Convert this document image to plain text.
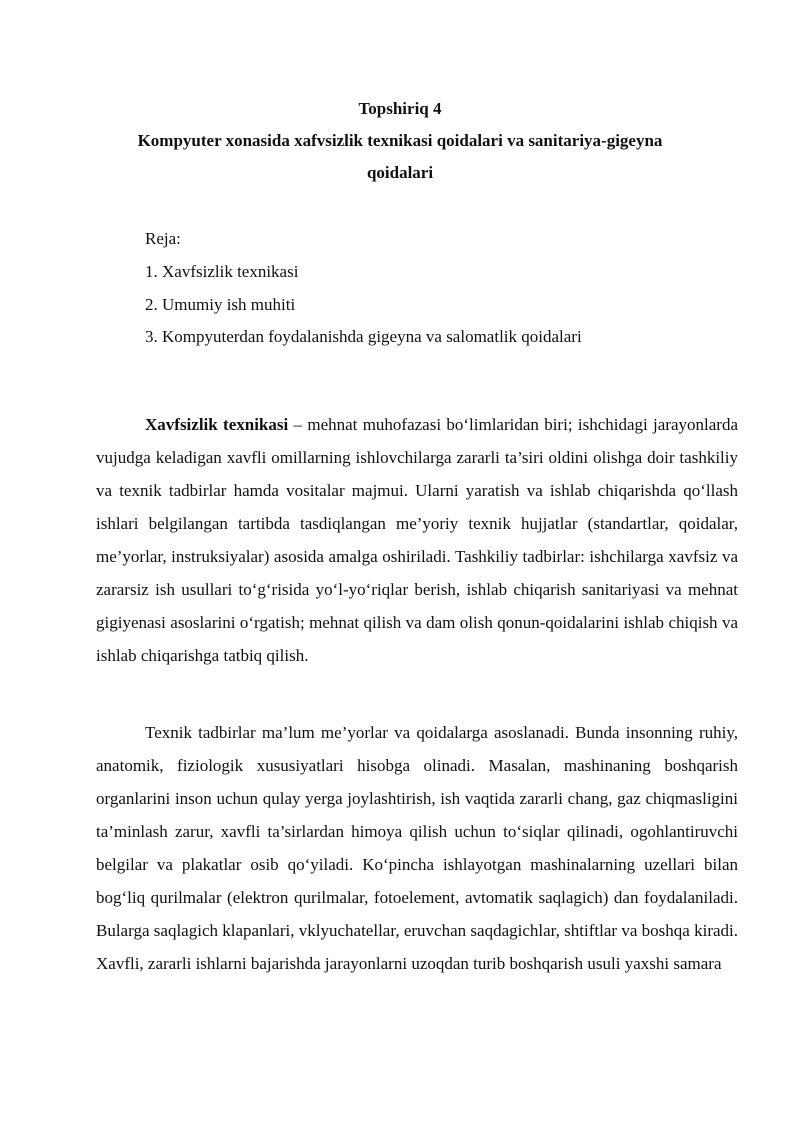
Topshiriq 4
Kompyuter xonasida xafvsizlik texnikasi qoidalari va sanitariya-gigeyna
qoidalari
Reja:
1. Xavfsizlik texnikasi
2. Umumiy ish muhiti
3. Kompyuterdan foydalanishda gigeyna va salomatlik qoidalari

Xavfsizlik texnikasi – mehnat muhofazasi bo‘limlaridan biri; ishchidagi jarayonlarda vujudga keladigan xavfli omillarning ishlovchilarga zararli ta’siri oldini olishga doir tashkiliy va texnik tadbirlar hamda vositalar majmui. Ularni yaratish va ishlab chiqarishda qo‘llash ishlari belgilangan tartibda tasdiqlangan me’yoriy texnik hujjatlar (standartlar, qoidalar, me’yorlar, instruksiyalar) asosida amalga oshiriladi. Tashkiliy tadbirlar: ishchilarga xavfsiz va zararsiz ish usullari to‘g‘risida yo‘l-yo‘riqlar berish, ishlab chiqarish sanitariyasi va mehnat gigiyenasi asoslarini o‘rgatish; mehnat qilish va dam olish qonun-qoidalarini ishlab chiqish va ishlab chiqarishga tatbiq qilish.

Texnik tadbirlar ma’lum me’yorlar va qoidalarga asoslanadi. Bunda insonning ruhiy, anatomik, fiziologik xususiyatlari hisobga olinadi. Masalan, mashinaning boshqarish organlarini inson uchun qulay yerga joylashtirish, ish vaqtida zararli chang, gaz chiqmasligini ta’minlash zarur, xavfli ta’sirlardan himoya qilish uchun to‘siqlar qilinadi, ogohlantiruvchi belgilar va plakatlar osib qo‘yiladi. Ko‘pincha ishlayotgan mashinalarning uzellari bilan bog‘liq qurilmalar (elektron qurilmalar, fotoelement, avtomatik saqlagich) dan foydalaniladi. Bularga saqlagich klapanlari, vklyuchatellar, eruvchan saqdagichlar, shtiftlar va boshqa kiradi. Xavfli, zararli ishlarni bajarishda jarayonlarni uzoqdan turib boshqarish usuli yaxshi samara
